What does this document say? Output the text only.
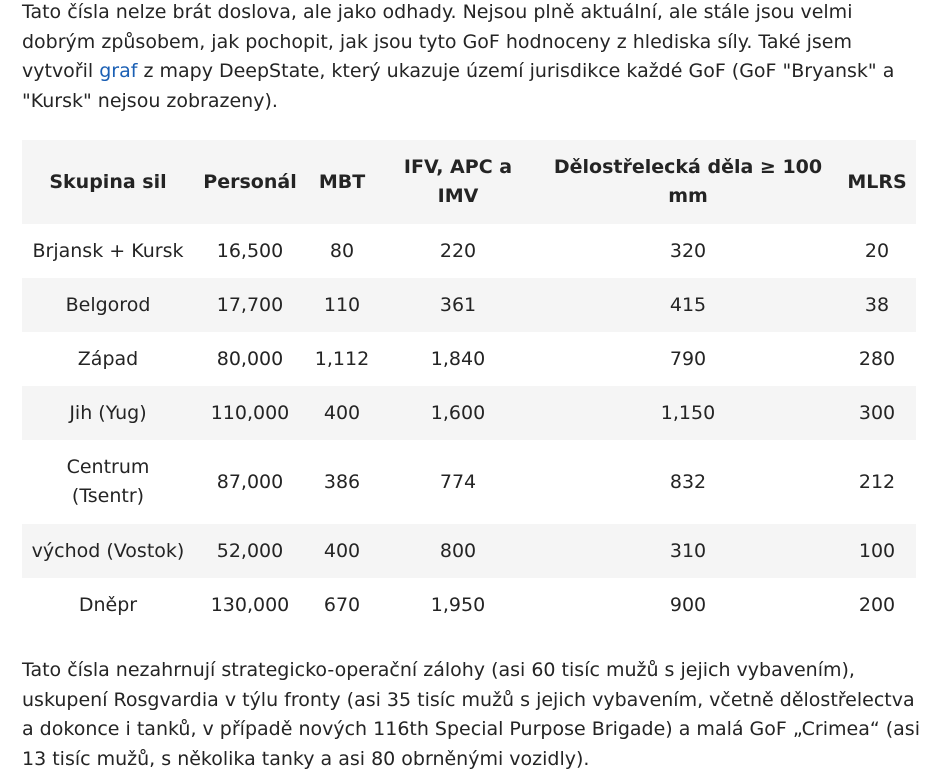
Tato čísla nelze brát doslova, ale jako odhady. Nejsou plně aktuální, ale stále jsou velmi dobrým způsobem, jak pochopit, jak jsou tyto GoF hodnoceny z hlediska síly. Také jsem vytvořil graf z mapy DeepState, který ukazuje území jurisdikce každé GoF (GoF "Bryansk" a "Kursk" nejsou zobrazeny).

Skupina sil	Personál	MBT	IFV, APC a IMV	Dělostřelecká děla ≥ 100 mm	MLRS
Brjansk + Kursk	16,500	80	220	320	20
Belgorod	17,700	110	361	415	38
Západ	80,000	1,112	1,840	790	280
Jih (Yug)	110,000	400	1,600	1,150	300
Centrum (Tsentr)	87,000	386	774	832	212
východ (Vostok)	52,000	400	800	310	100
Dněpr	130,000	670	1,950	900	200

Tato čísla nezahrnují strategicko-operační zálohy (asi 60 tisíc mužů s jejich vybavením), uskupení Rosgvardia v týlu fronty (asi 35 tisíc mužů s jejich vybavením, včetně dělostřelectva a dokonce i tanků, v případě nových 116th Special Purpose Brigade) a malá GoF „Crimea“ (asi 13 tisíc mužů, s několika tanky a asi 80 obrněnými vozidly).
